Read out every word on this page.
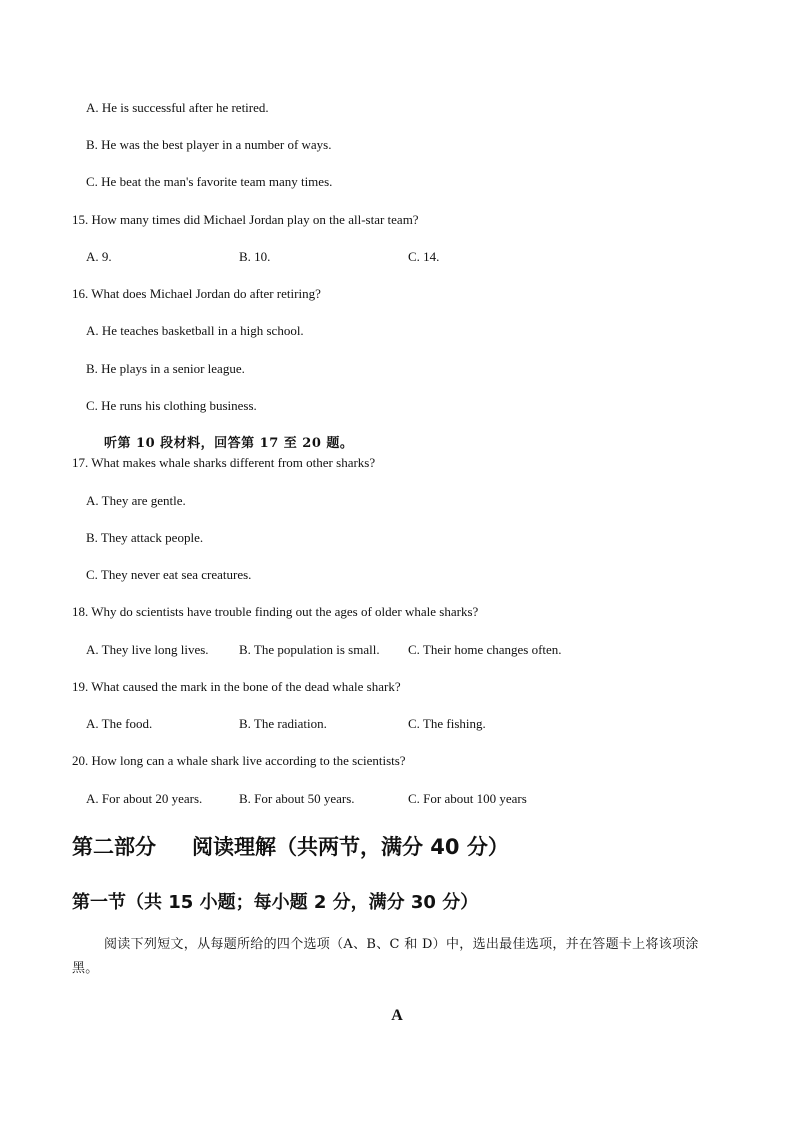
A. He is successful after he retired.
B. He was the best player in a number of ways.
C. He beat the man's favorite team many times.
15. How many times did Michael Jordan play on the all-star team?
A. 9.	B. 10.	C. 14.
16. What does Michael Jordan do after retiring?
A. He teaches basketball in a high school.
B. He plays in a senior league.
C. He runs his clothing business.
听第 10 段材料，回答第 17 至 20 题。
17. What makes whale sharks different from other sharks?
A. They are gentle.
B. They attack people.
C. They never eat sea creatures.
18. Why do scientists have trouble finding out the ages of older whale sharks?
A. They live long lives. B. The population is small. C. Their home changes often.
19. What caused the mark in the bone of the dead whale shark?
A. The food.	B. The radiation.	C. The fishing.
20. How long can a whale shark live according to the scientists?
A. For about 20 years.	B. For about 50 years.	C. For about 100 years
第二部分 阅读理解（共两节，满分 40 分）
第一节（共 15 小题；每小题 2 分，满分 30 分）
阅读下列短文，从每题所给的四个选项（A、B、C 和 D）中，选出最佳选项，并在答题卡上将该项涂黑。
A
